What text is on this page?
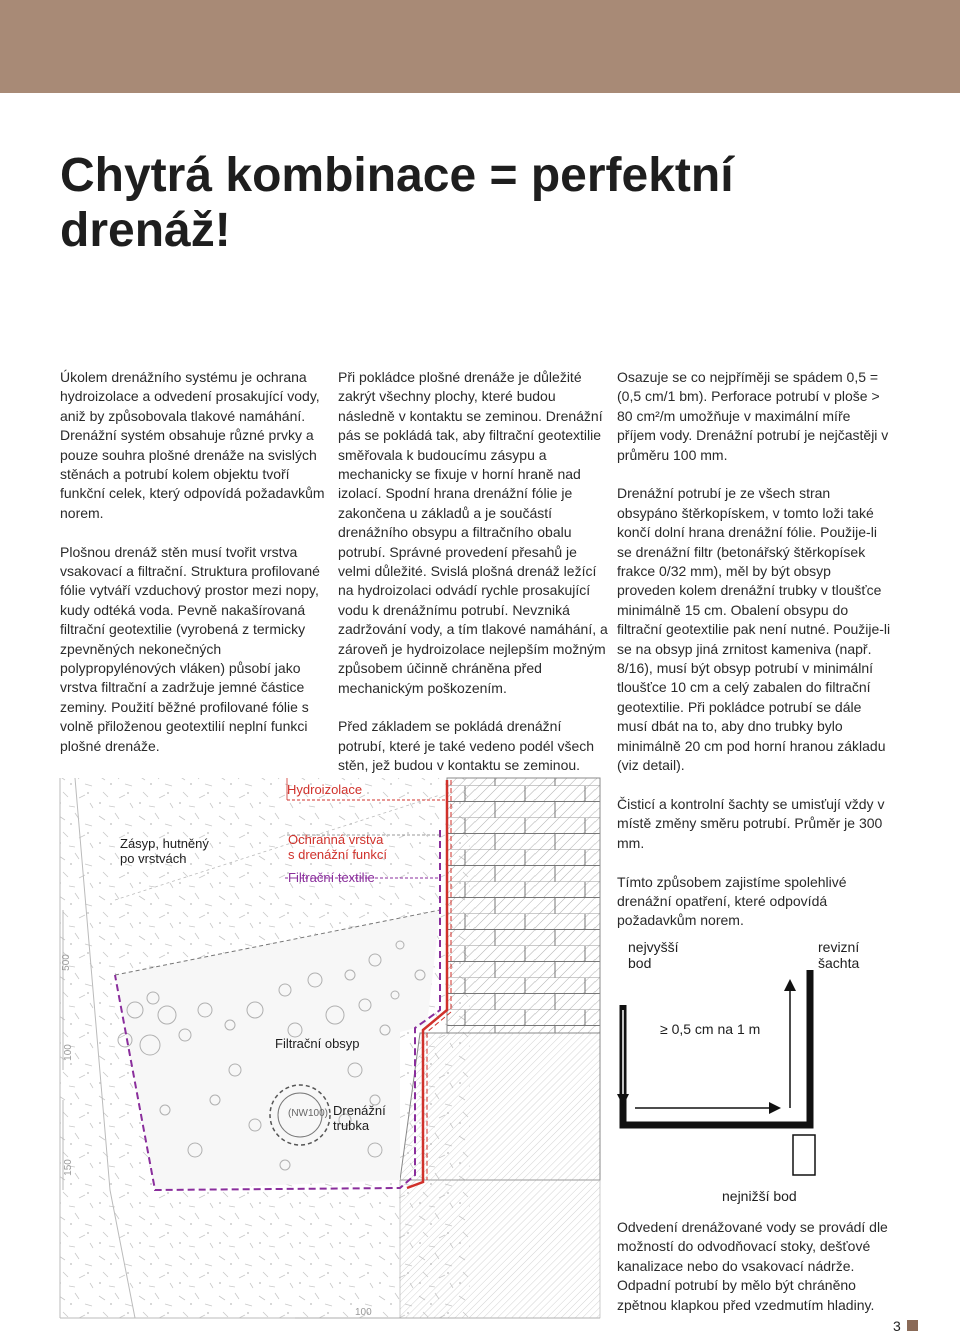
Chytrá kombinace = perfektní drenáž!

Úkolem drenážního systému je ochrana hydroizolace a odvedení prosakující vody, aniž by způsobovala tlakové namáhání. Drenážní systém obsahuje různé prvky a pouze souhra plošné drenáže na svislých stěnách a potrubí kolem objektu tvoří funkční celek, který odpovídá požadavkům norem.

Plošnou drenáž stěn musí tvořit vrstva vsakovací a filtrační. Struktura profilované fólie vytváří vzduchový prostor mezi nopy, kudy odtéká voda. Pevně nakašírovaná filtrační geotextilie (vyrobená z termicky zpevněných nekonečných polypropylénových vláken) působí jako vrstva filtrační a zadržuje jemné částice zeminy. Použití běžné profilované fólie s volně přiloženou geotextilií neplní funkci plošné drenáže.

Při pokládce plošné drenáže je důležité zakrýt všechny plochy, které budou následně v kontaktu se zeminou. Drenážní pás se pokládá tak, aby filtrační geotextilie směřovala k budoucímu zásypu a mechanicky se fixuje v horní hraně nad izolací. Spodní hrana drenážní fólie je zakončena u základů a je součástí drenážního obsypu a filtračního obalu potrubí. Správné provedení přesahů je velmi důležité. Svislá plošná drenáž ležící na hydroizolaci odvádí rychle prosakující vodu k drenážnímu potrubí. Nevzniká zadržování vody, a tím tlakové namáhání, a zároveň je hydroizolace nejlepším možným způsobem účinně chráněna před mechanickým poškozením.

Před základem se pokládá drenážní potrubí, které je také vedeno podél všech stěn, jež budou v kontaktu se zeminou.

Osazuje se co nejpříměji se spádem 0,5 = (0,5 cm/1 bm). Perforace potrubí v ploše > 80 cm²/m umožňuje v maximální míře příjem vody. Drenážní potrubí je nejčastěji v průměru 100 mm.

Drenážní potrubí je ze všech stran obsypáno štěrkopískem, v tomto loži také končí dolní hrana drenážní fólie. Použije-li se drenážní filtr (betonářský štěrkopísek frakce 0/32 mm), měl by být obsyp proveden kolem drenážní trubky v tloušťce minimálně 15 cm. Obalení obsypu do filtrační geotextilie pak není nutné. Použije-li se na obsyp jiná zrnitost kameniva (např. 8/16), musí být obsyp potrubí v minimální tloušťce 10 cm a celý zabalen do filtrační geotextilie. Při pokládce potrubí se dále musí dbát na to, aby dno trubky bylo minimálně 20 cm pod horní hranou základu (viz detail).

Čisticí a kontrolní šachty se umisťují vždy v místě změny směru potrubí. Průměr je 300 mm.

Tímto způsobem zajistíme spolehlivé drenážní opatření, které odpovídá požadavkům norem.

Odvedení drenážované vody se provádí dle možností do odvodňovací stoky, dešťové kanalizace nebo do vsakovací nádrže. Odpadní potrubí by mělo být chráněno zpětnou klapkou před vzedmutím hladiny.

Hydroizolace
Zásyp, hutněný
po vrstvách
Ochranná vrstva
s drenážní funkcí
Filtrační textilie
Filtrační obsyp
(NW100) Drenážní
trubka
500
100
150
100
nejvyšší
bod
revizní
šachta
≥ 0,5 cm na 1 m
nejnižší bod
3
